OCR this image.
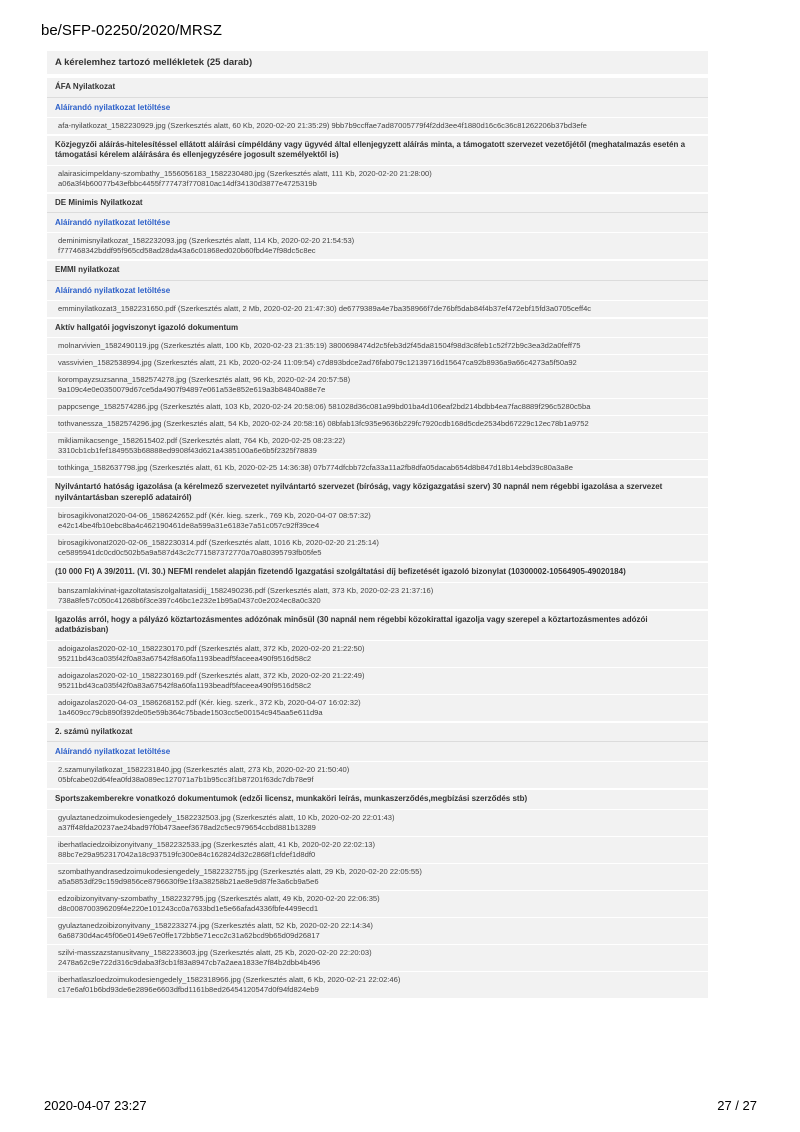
be/SFP-02250/2020/MRSZ
A kérelemhez tartozó mellékletek (25 darab)
ÁFA Nyilatkozat
Aláírandó nyilatkozat letöltése
afa-nyilatkozat_1582230929.jpg (Szerkesztés alatt, 60 Kb, 2020-02-20 21:35:29) 9bb7b9ccffae7ad87005779f4f2dd3ee4f1880d16c6c36c81262206b37bd3efe
Közjegyzői aláírás-hitelesítéssel ellátott aláírási címpéldány vagy ügyvéd által ellenjegyzett aláírás minta, a támogatott szervezet vezetőjétől (meghatalmazás esetén a támogatási kérelem aláírására és ellenjegyzésére jogosult személyektől is)
alairasicimpeldany-szombathy_1556056183_1582230480.jpg (Szerkesztés alatt, 111 Kb, 2020-02-20 21:28:00)
a06a3f4b60077b43efbbc4455f777473f770810ac14df34130d3877e4725319b
DE Minimis Nyilatkozat
Aláírandó nyilatkozat letöltése
deminimisnyilatkozat_1582232093.jpg (Szerkesztés alatt, 114 Kb, 2020-02-20 21:54:53)
f777468342bddf95f965cd58ad28da43a6c01868ed020b60fbd4e7f98dc5c8ec
EMMI nyilatkozat
Aláírandó nyilatkozat letöltése
emminyilatkozat3_1582231650.pdf (Szerkesztés alatt, 2 Mb, 2020-02-20 21:47:30) de6779389a4e7ba358966f7de76bf5dab84f4b37ef472ebf15fd3a0705ceff4c
Aktív hallgatói jogviszonyt igazoló dokumentum
molnarvivien_1582490119.jpg (Szerkesztés alatt, 100 Kb, 2020-02-23 21:35:19) 3800698474d2c5feb3d2f45da81504f98d3c8feb1c52f72b9c3ea3d2a0feff75
vassvivien_1582538994.jpg (Szerkesztés alatt, 21 Kb, 2020-02-24 11:09:54) c7d893bdce2ad76fab079c12139716d15647ca92b8936a9a66c4273a5f50a92
korompayzsuzsanna_1582574278.jpg (Szerkesztés alatt, 96 Kb, 2020-02-24 20:57:58)
9a109c4e0e0350079d67ce5da4907f94897e061a53e852e619a3b84840a88e7e
pappcsenge_1582574286.jpg (Szerkesztés alatt, 103 Kb, 2020-02-24 20:58:06) 581028d36c081a99bd01ba4d106eaf2bd214bdbb4ea7fac8889f296c5280c5ba
tothvanessza_1582574296.jpg (Szerkesztés alatt, 54 Kb, 2020-02-24 20:58:16) 08bfab13fc935e9636b229fc7920cdb168d5cde2534bd67229c12ec78b1a9752
mikliamikacsenge_1582615402.pdf (Szerkesztés alatt, 764 Kb, 2020-02-25 08:23:22)
3310cb1cb1fef1849553b68888ed9908f43d621a4385100a6e6b5f2325f78839
tothkinga_1582637798.jpg (Szerkesztés alatt, 61 Kb, 2020-02-25 14:36:38) 07b774dfcbb72cfa33a11a2fb8dfa05dacab654d8b847d18b14ebd39c80a3a8e
Nyilvántartó hatóság igazolása (a kérelmező szervezetet nyilvántartó szervezet (bíróság, vagy közigazgatási szerv) 30 napnál nem régebbi igazolása a szervezet nyilvántartásban szereplő adatairól)
birosagikivonat2020-04-06_1586242652.pdf (Kér. kieg. szerk., 769 Kb, 2020-04-07 08:57:32)
e42c14be4fb10ebc8ba4c462190461de8a599a31e6183e7a51c057c92ff39ce4
birosagikivonat2020-02-06_1582230314.pdf (Szerkesztés alatt, 1016 Kb, 2020-02-20 21:25:14)
ce5895941dc0cd0c502b5a9a587d43c2c771587372770a70a80395793fb05fe5
(10 000 Ft) A 39/2011. (VI. 30.) NEFMI rendelet alapján fizetendő Igazgatási szolgáltatási díj befizetését igazoló bizonylat (10300002-10564905-49020184)
banszamlakivinat-igazoltatasiszolgaltatasidij_1582490236.pdf (Szerkesztés alatt, 373 Kb, 2020-02-23 21:37:16)
738a8fe57c050c41268b6f3ce397c46bc1e232e1b95a0437c0e2024ec8a0c320
Igazolás arról, hogy a pályázó köztartozásmentes adózónak minősül (30 napnál nem régebbi közokirattal igazolja vagy szerepel a köztartozásmentes adózói adatbázisban)
adoigazolas2020-02-10_1582230170.pdf (Szerkesztés alatt, 372 Kb, 2020-02-20 21:22:50)
95211bd43ca035f42f0a83a67542f8a60fa1193beadf5faceea490f9516d58c2
adoigazolas2020-02-10_1582230169.pdf (Szerkesztés alatt, 372 Kb, 2020-02-20 21:22:49)
95211bd43ca035f42f0a83a67542f8a60fa1193beadf5faceea490f9516d58c2
adoigazolas2020-04-03_1586268152.pdf (Kér. kieg. szerk., 372 Kb, 2020-04-07 16:02:32)
1a4609cc79cb890f392de05e59b364c75bade1503cc5e00154c945aa5e611d9a
2. számú nyilatkozat
Aláírandó nyilatkozat letöltése
2.szamunyilatkozat_1582231840.jpg (Szerkesztés alatt, 273 Kb, 2020-02-20 21:50:40)
05bfcabe02d64fea0fd38a089ec127071a7b1b95cc3f1b87201f63dc7db78e9f
Sportszakemberekre vonatkozó dokumentumok (edzői licensz, munkaköri leírás, munkaszerződés,megbízási szerződés stb)
gyulaztanedzoimukodesiengedely_1582232503.jpg (Szerkesztés alatt, 10 Kb, 2020-02-20 22:01:43)
a37ff48fda20237ae24bad97f0b473aeef3678ad2c5ec979654ccbd881b13289
iberhatlaciedzoibizonyitvany_1582232533.jpg (Szerkesztés alatt, 41 Kb, 2020-02-20 22:02:13)
88bc7e29a952317042a18c937519fc300e84c162824d32c2868f1cfdef1d8df0
szombathyandrasedzoimukodesiengedely_1582232755.jpg (Szerkesztés alatt, 29 Kb, 2020-02-20 22:05:55)
a5a5853df29c159d9856ce8796630f9e1f3a38258b21ae8e9d87fe3a6cb9a5e6
edzoibizonyitvany-szombathy_1582232795.jpg (Szerkesztés alatt, 49 Kb, 2020-02-20 22:06:35)
d8c008700396209f4e220e101243cc0a7633bd1e5e66afad4336fbfe4499ecd1
gyulaztanedzoibizonyitvany_1582233274.jpg (Szerkesztés alatt, 52 Kb, 2020-02-20 22:14:34)
6a68730d4ac45f06e0149e67e0ffe172bb5e71ecc2c31a62bcd9b65d09d26817
szilvi-masszazstanusitvany_1582233603.jpg (Szerkesztés alatt, 25 Kb, 2020-02-20 22:20:03)
2478a62c9e722d316c9daba3f3cb1f83a8947cb7a2aea1833e7f84b2dbb4b496
iberhatlaszloedzoimukodesiengedely_1582318966.jpg (Szerkesztés alatt, 6 Kb, 2020-02-21 22:02:46)
c17e6af01b6bd93de6e2896e6603dfbd1161b8ed26454120547d0f94fd824eb9
2020-04-07 23:27	27 / 27
